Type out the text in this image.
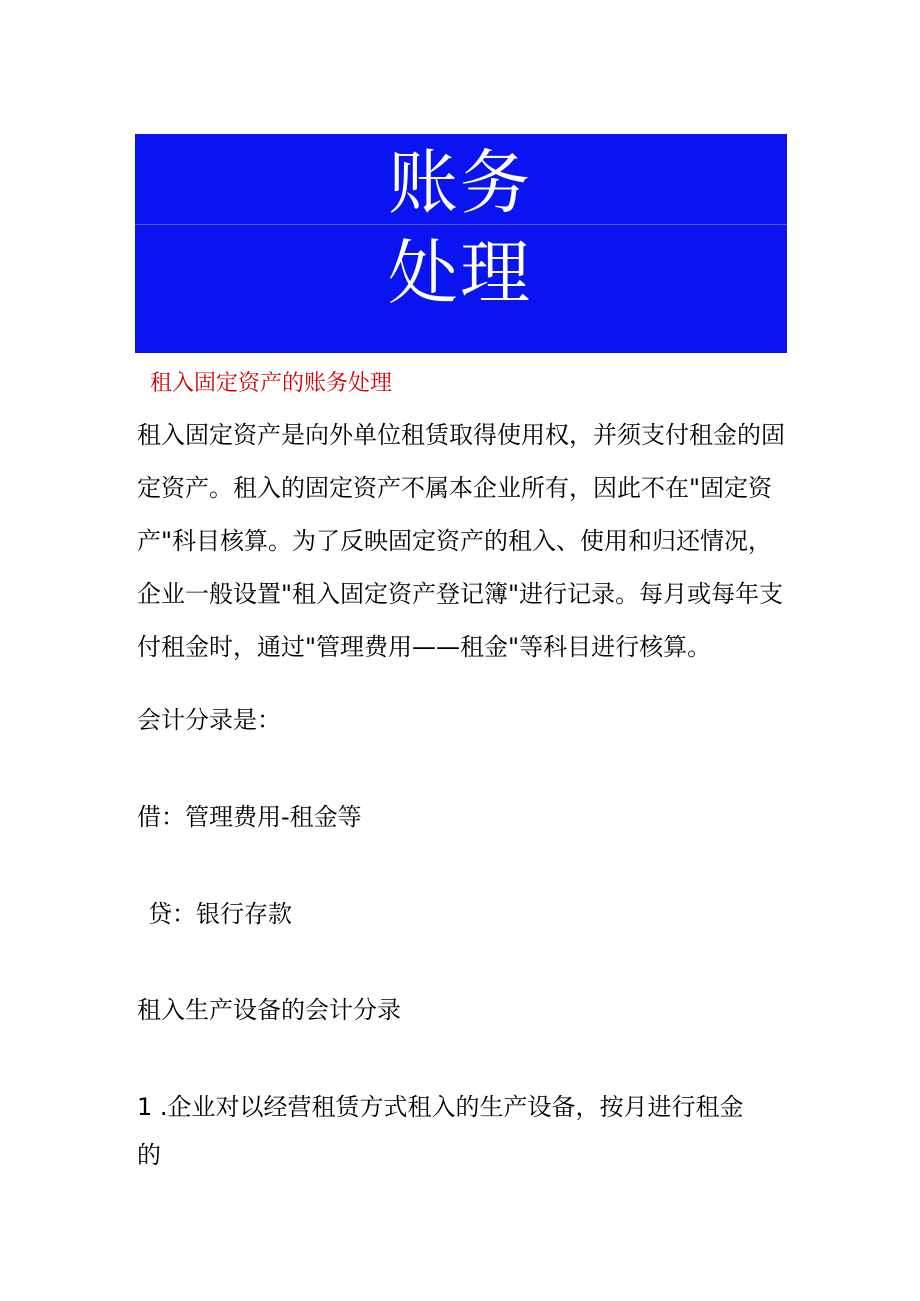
账务
处理
租入固定资产的账务处理
租入固定资产是向外单位租赁取得使用权，并须支付租金的固定资产。租入的固定资产不属本企业所有，因此不在"固定资产"科目核算。为了反映固定资产的租入、使用和归还情况，企业一般设置"租入固定资产登记簿"进行记录。每月或每年支付租金时，通过"管理费用——租金"等科目进行核算。
会计分录是：
借：管理费用-租金等
贷：银行存款
租入生产设备的会计分录
1 .企业对以经营租赁方式租入的生产设备，按月进行租金
的
